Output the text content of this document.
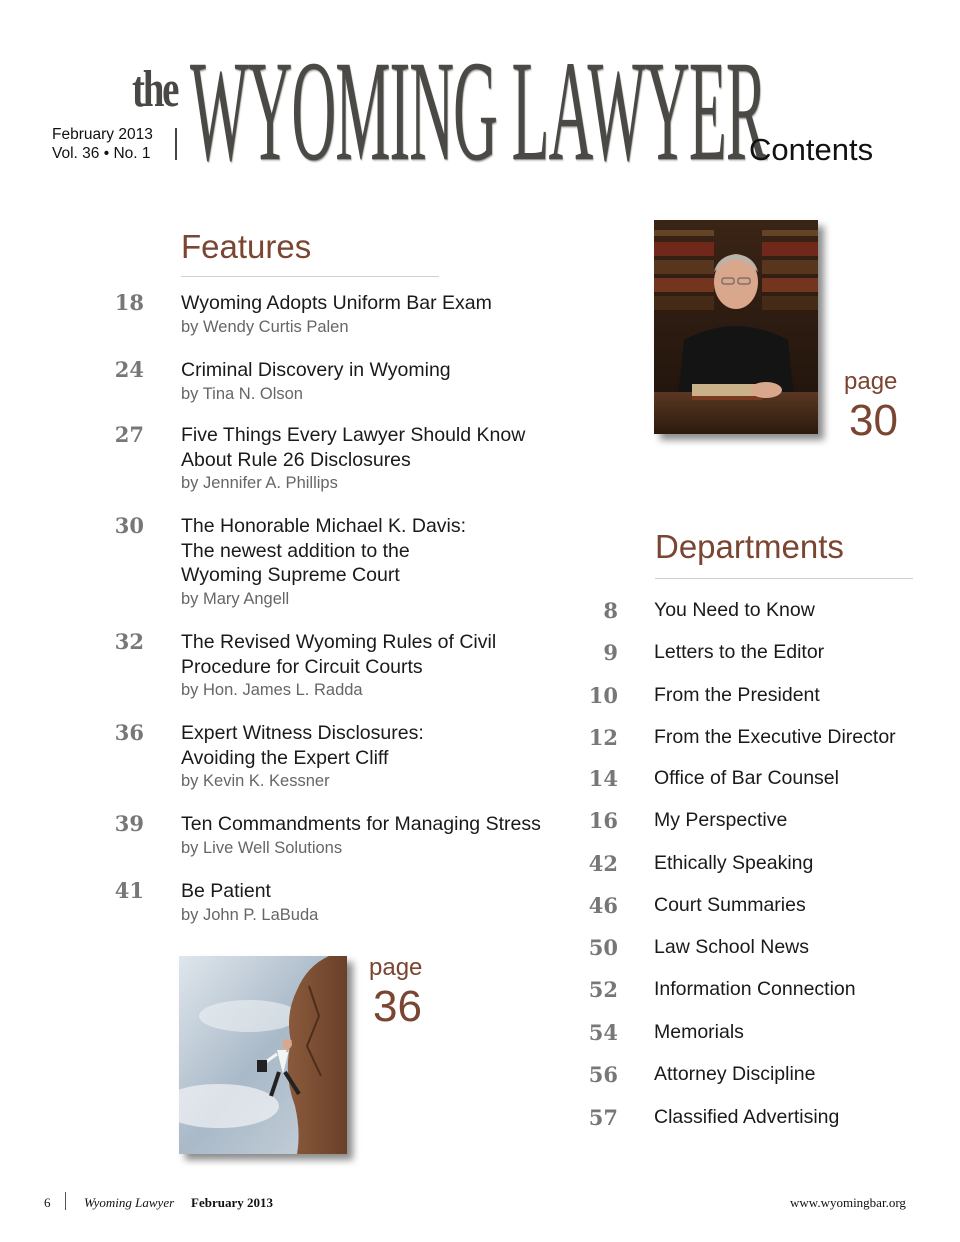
February 2013
Vol. 36 • No. 1
the WYOMING LAWYER
Contents
Features
18 Wyoming Adopts Uniform Bar Exam
by Wendy Curtis Palen
24 Criminal Discovery in Wyoming
by Tina N. Olson
27 Five Things Every Lawyer Should Know
About Rule 26 Disclosures
by Jennifer A. Phillips
30 The Honorable Michael K. Davis:
The newest addition to the
Wyoming Supreme Court
by Mary Angell
32 The Revised Wyoming Rules of Civil
Procedure for Circuit Courts
by Hon. James L. Radda
36 Expert Witness Disclosures:
Avoiding the Expert Cliff
by Kevin K. Kessner
39 Ten Commandments for Managing Stress
by Live Well Solutions
41 Be Patient
by John P. LaBuda
page
30
Departments
8 You Need to Know
9 Letters to the Editor
10 From the President
12 From the Executive Director
14 Office of Bar Counsel
16 My Perspective
42 Ethically Speaking
46 Court Summaries
50 Law School News
52 Information Connection
54 Memorials
56 Attorney Discipline
57 Classified Advertising
page
36
6	Wyoming Lawyer February 2013	www.wyomingbar.org
